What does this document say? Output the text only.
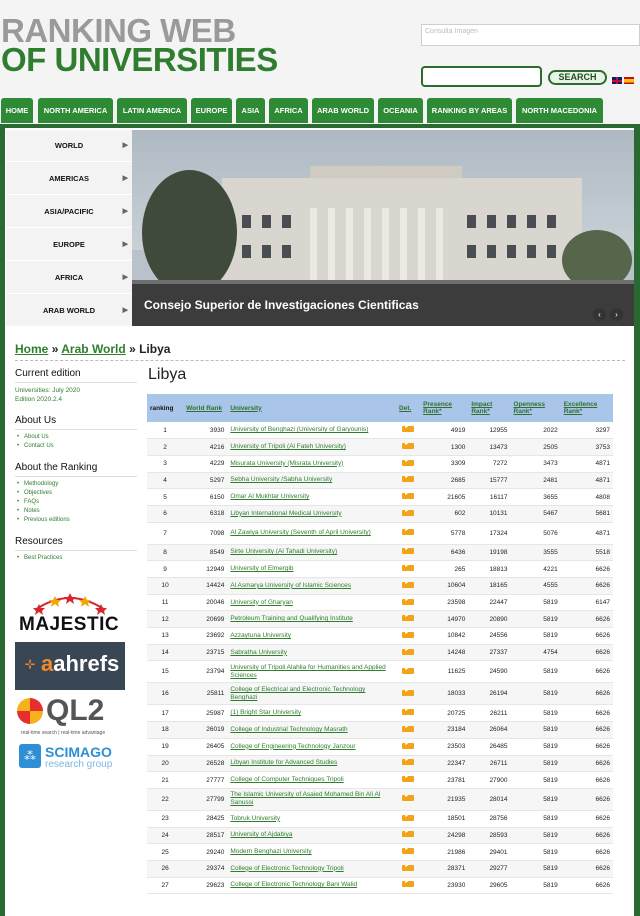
RANKING WEB
OF UNIVERSITIES
Consulta Imagen
SEARCH
HOME	NORTH AMERICA	LATIN AMERICA	EUROPE	ASIA	AFRICA	ARAB WORLD	OCEANIA	RANKING BY AREAS	NORTH MACEDONIA
WORLD	▶
AMERICAS	▶
ASIA/PACIFIC	▶
EUROPE	▶
AFRICA	▶
ARAB WORLD	▶	Consejo Superior de Investigaciones Cientificas
‹	›
Home » Arab World » Libya
Current edition
Universities: July 2020
Edition 2020.2.4
About Us
• About Us
• Contact Us
About the Ranking
• Methodology
• Objectives
• FAQs
• Notes
• Previous editions
Resources
• Best Practices
MAJESTIC
⊹ aahrefs
QL2
real-time search | real-time advantage
⁂ SCIMAGO
research group
Libya
ranking	World Rank	University	Det.	Presence Rank*	Impact Rank*	Openness Rank*	Excellence Rank*
1	3930	University of Benghazi (University of Garyounis)	▸	4919	12955	2022	3297
2	4216	University of Tripoli (Al Fateh University)	▸	1300	13473	2505	3753
3	4229	Misurata University (Misrata University)	▸	3309	7272	3473	4871
4	5297	Sebha University /Sabha University	▸	2685	15777	2481	4871
5	6150	Omar Al Mukhtar University	▸	21605	16117	3655	4808
6	6318	Libyan International Medical University	▸	602	10131	5467	5681
7	7098	Al Zawiya University (Seventh of April University)	▸	5778	17324	5076	4871
8	8549	Sirte University (Al Tahadi University)	▸	6436	19198	3555	5518
9	12949	University of Elmergib	▸	265	18813	4221	6626
10	14424	Al Asmarya University of Islamic Sciences	▸	10604	18165	4555	6626
11	20046	University of Gharyan	▸	23598	22447	5819	6147
12	20699	Petroleum Training and Qualifying Institute	▸	14970	20890	5819	6626
13	23692	Azzaytuna University	▸	10842	24556	5819	6626
14	23715	Sabratha University	▸	14248	27337	4754	6626
15	23794	University of Tripoli Alahlia for Humanities and Applied Sciences	▸	11625	24590	5819	6626
16	25811	College of Electrical and Electronic Technology Benghazi	▸	18033	26194	5819	6626
17	25987	(1) Bright Star University	▸	20725	26211	5819	6626
18	26019	College of Industrial Technology Masrath	▸	23184	26064	5819	6626
19	26405	College of Engineering Technology Janzour	▸	23503	26485	5819	6626
20	26528	Libyan Institute for Advanced Studies	▸	22347	26711	5819	6626
21	27777	College of Computer Techniques Tripoli	▸	23781	27900	5819	6626
22	27799	The Islamic University of Asaied Mohamed Bin Ali Al Sanussi	▸	21935	28014	5819	6626
23	28425	Tobruk University	▸	18501	28756	5819	6626
24	28517	University of Ajdabiya	▸	24298	28593	5819	6626
25	29240	Modern Benghazi University	▸	21986	29401	5819	6626
26	29374	College of Electronic Technology Tripoli	▸	28371	29277	5819	6626
27	29623	College of Electronic Technology Bani Walid	▸	23930	29605	5819	6626
